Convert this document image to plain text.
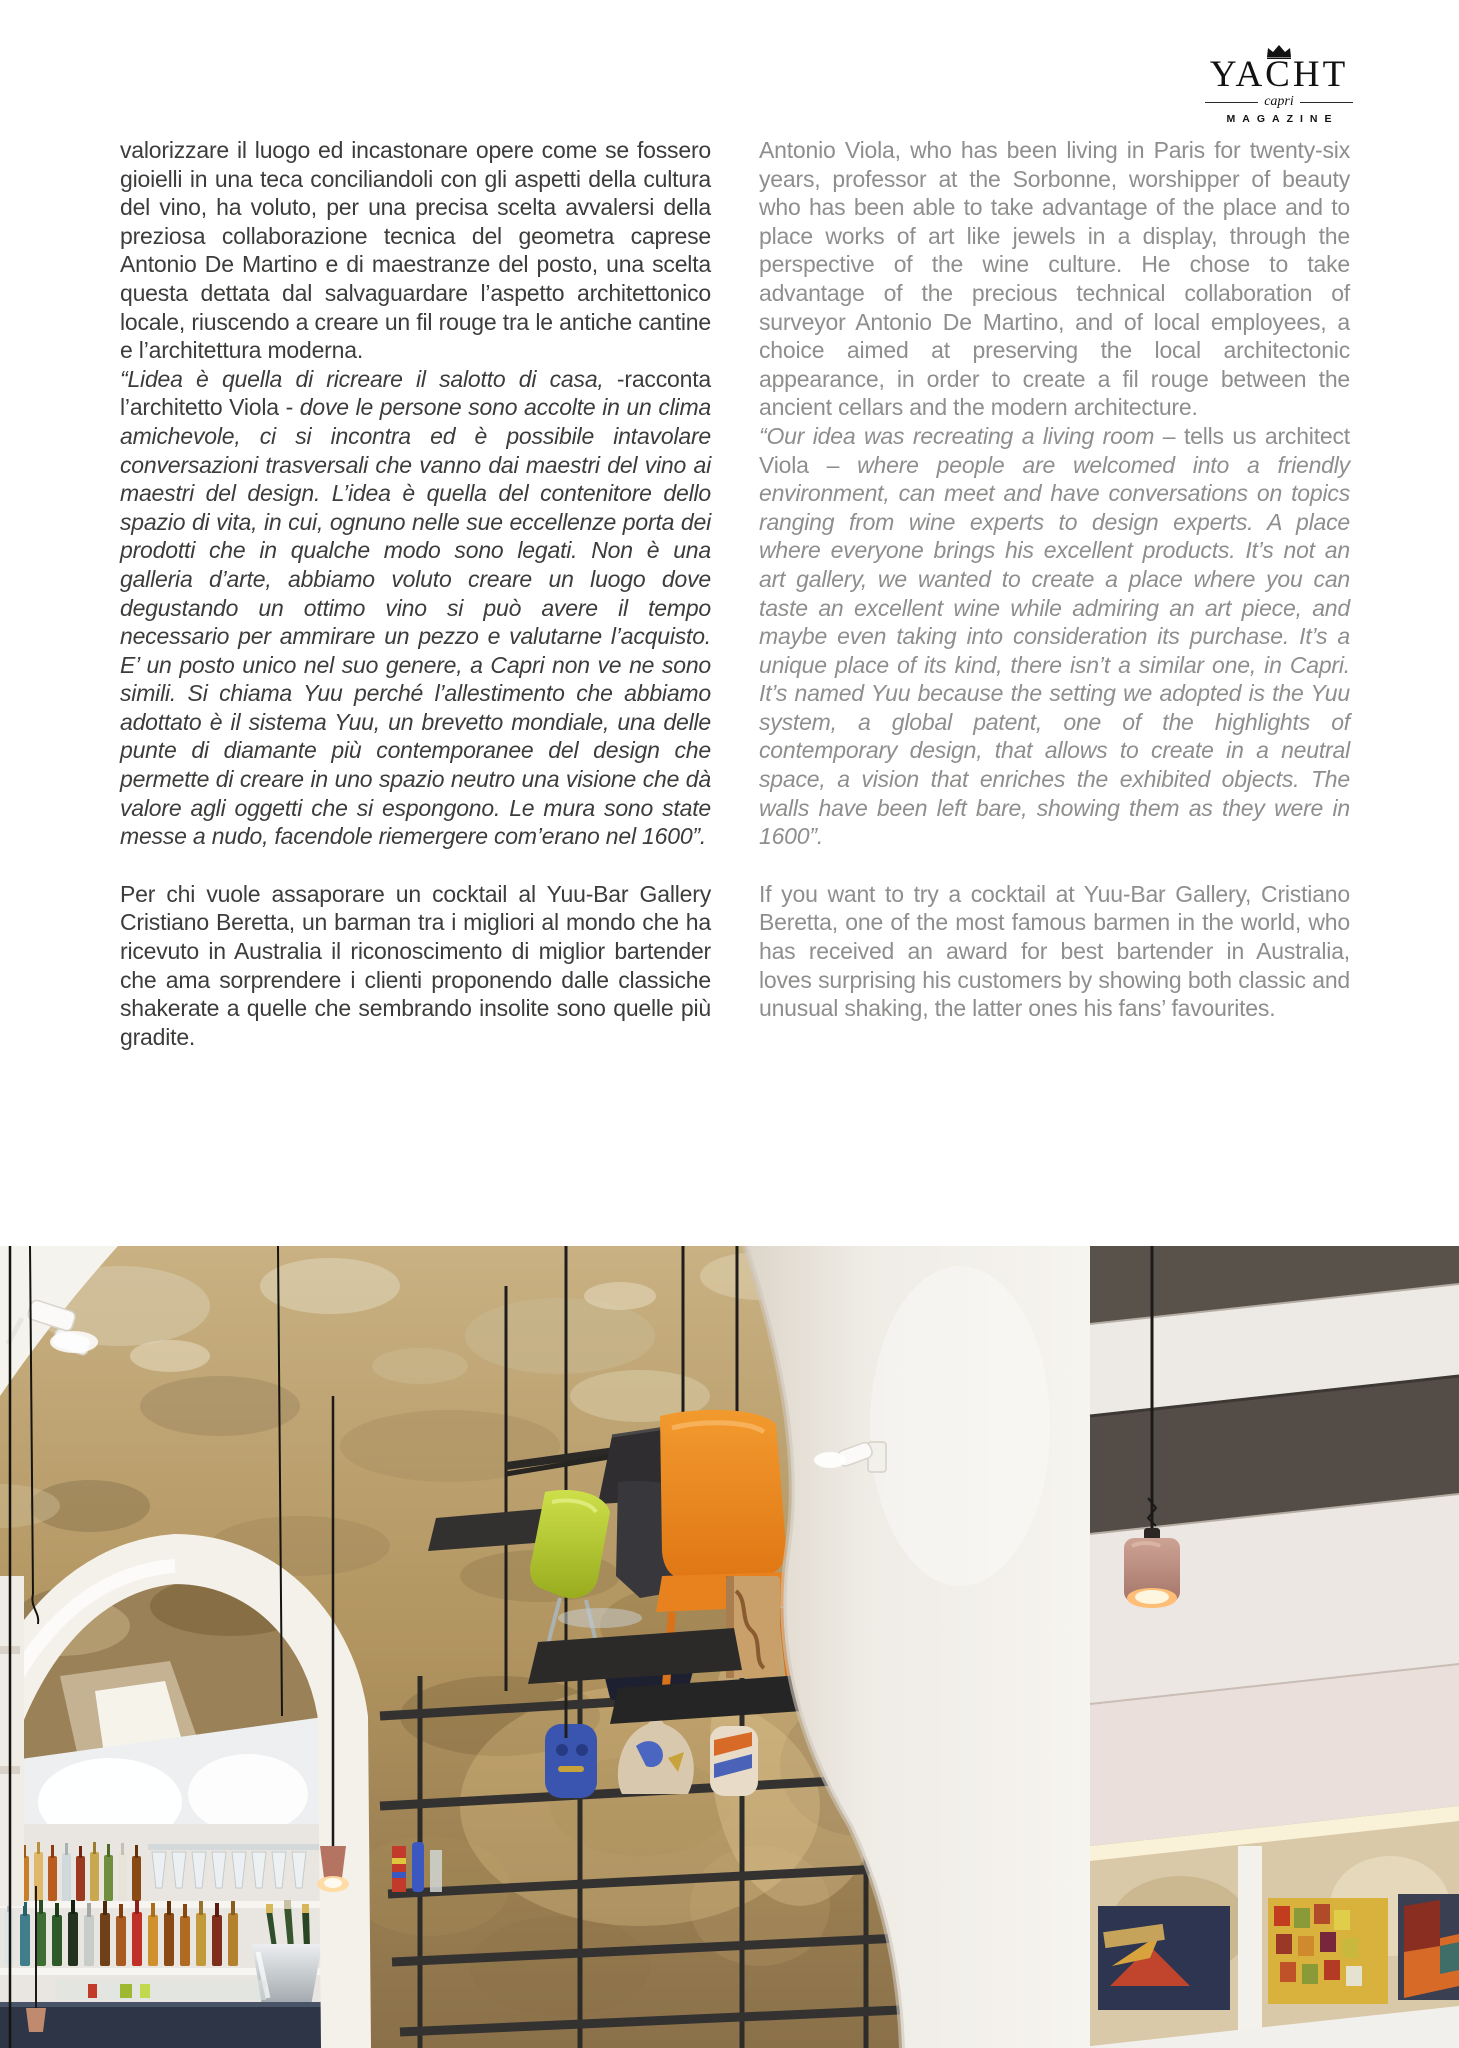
YACHT
capri
MAGAZINE

valorizzare il luogo ed incastonare opere come se fossero gioielli in una teca conciliandoli con gli aspetti della cultura del vino, ha voluto, per una precisa scelta avvalersi della preziosa collaborazione tecnica del geometra caprese Antonio De Martino e di maestranze del posto, una scelta questa dettata dal salvaguardare l’aspetto architettonico locale, riuscendo a creare un fil rouge tra le antiche cantine e l’architettura moderna.

“Lidea è quella di ricreare il salotto di casa, -racconta l’architetto Viola - dove le persone sono accolte in un clima amichevole, ci si incontra ed è possibile intavolare conversazioni trasversali che vanno dai maestri del vino ai maestri del design. L’idea è quella del contenitore dello spazio di vita, in cui, ognuno nelle sue eccellenze porta dei prodotti che in qualche modo sono legati. Non è una galleria d’arte, abbiamo voluto creare un luogo dove degustando un ottimo vino si può avere il tempo necessario per ammirare un pezzo e valutarne l’acquisto. E’ un posto unico nel suo genere, a Capri non ve ne sono simili. Si chiama Yuu perché l’allestimento che abbiamo adottato è il sistema Yuu, un brevetto mondiale, una delle punte di diamante più contemporanee del design che permette di creare in uno spazio neutro una visione che dà valore agli oggetti che si espongono. Le mura sono state messe a nudo, facendole riemergere com’erano nel 1600”.

Per chi vuole assaporare un cocktail al Yuu-Bar Gallery Cristiano Beretta, un barman tra i migliori al mondo che ha ricevuto in Australia il riconoscimento di miglior bartender che ama sorprendere i clienti proponendo dalle classiche shakerate a quelle che sembrando insolite sono quelle più gradite.

Antonio Viola, who has been living in Paris for twenty-six years, professor at the Sorbonne, worshipper of beauty who has been able to take advantage of the place and to place works of art like jewels in a display, through the perspective of the wine culture. He chose to take advantage of the precious technical collaboration of surveyor Antonio De Martino, and of local employees, a choice aimed at preserving the local architectonic appearance, in order to create a fil rouge between the ancient cellars and the modern architecture.

“Our idea was recreating a living room – tells us architect Viola – where people are welcomed into a friendly environment, can meet and have conversations on topics ranging from wine experts to design experts. A place where everyone brings his excellent products. It’s not an art gallery, we wanted to create a place where you can taste an excellent wine while admiring an art piece, and maybe even taking into consideration its purchase. It’s a unique place of its kind, there isn’t a similar one, in Capri. It’s named Yuu because the setting we adopted is the Yuu system, a global patent, one of the highlights of contemporary design, that allows to create in a neutral space, a vision that enriches the exhibited objects. The walls have been left bare, showing them as they were in 1600”.

If you want to try a cocktail at Yuu-Bar Gallery, Cristiano Beretta, one of the most famous barmen in the world, who has received an award for best bartender in Australia, loves surprising his customers by showing both classic and unusual shaking, the latter ones his fans’ favourites.
